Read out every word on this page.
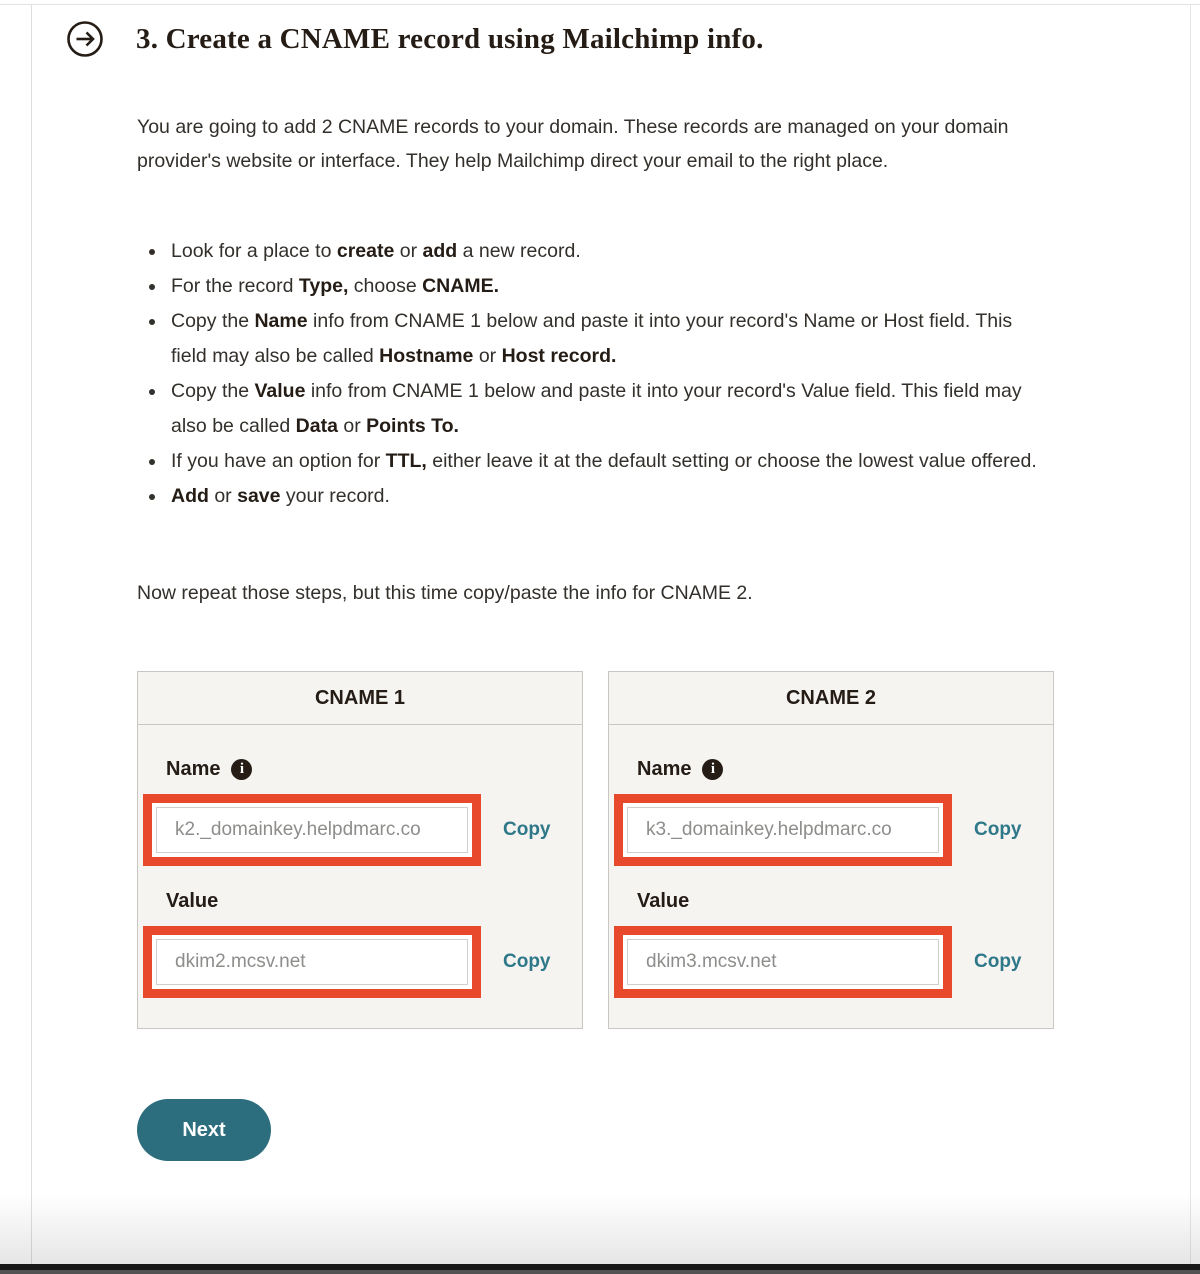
3. Create a CNAME record using Mailchimp info.

You are going to add 2 CNAME records to your domain. These records are managed on your domain provider's website or interface. They help Mailchimp direct your email to the right place.

• Look for a place to create or add a new record.
• For the record Type, choose CNAME.
• Copy the Name info from CNAME 1 below and paste it into your record's Name or Host field. This field may also be called Hostname or Host record.
• Copy the Value info from CNAME 1 below and paste it into your record's Value field. This field may also be called Data or Points To.
• If you have an option for TTL, either leave it at the default setting or choose the lowest value offered.
• Add or save your record.

Now repeat those steps, but this time copy/paste the info for CNAME 2.

CNAME 1
Name	i
k2._domainkey.helpdmarc.co
Copy
Value
dkim2.mcsv.net
Copy
CNAME 2
Name	i
k3._domainkey.helpdmarc.co
Copy
Value
dkim3.mcsv.net
Copy
Next
